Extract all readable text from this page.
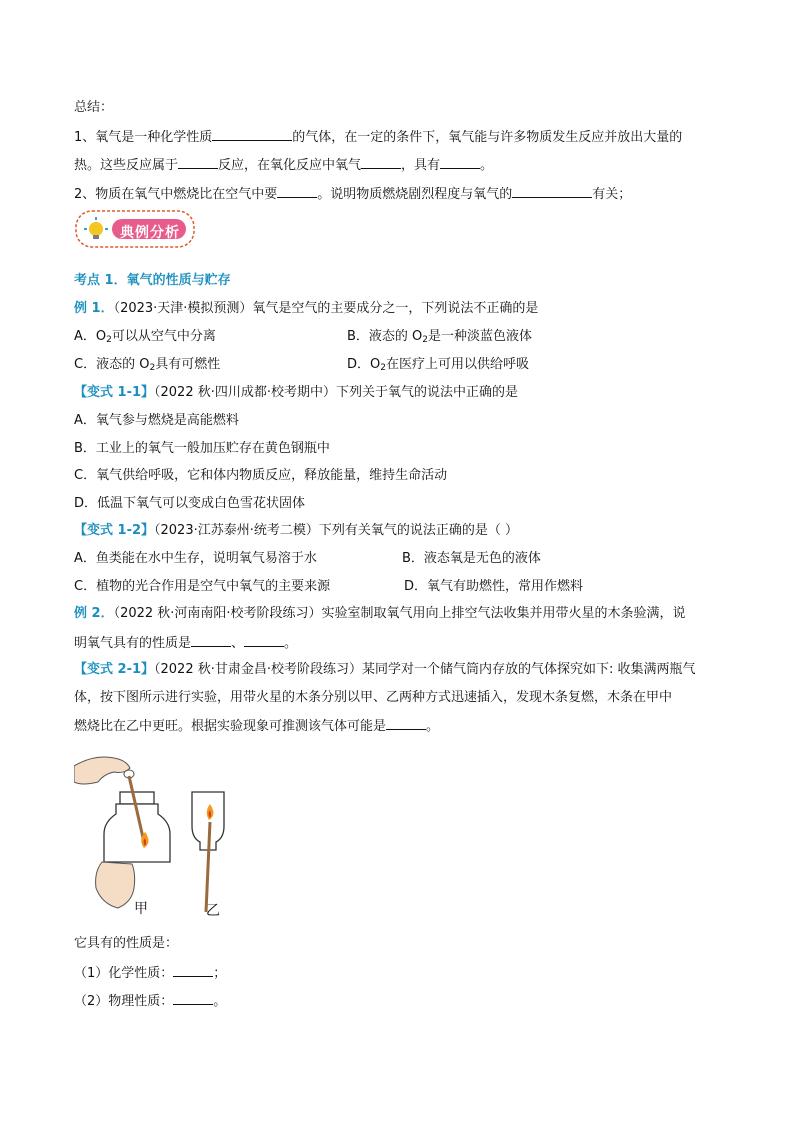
总结：
1、氧气是一种化学性质	的气体，在一定的条件下，氧气能与许多物质发生反应并放出大量的
热。这些反应属于	反应，在氧化反应中氧气	，具有	。
2、物质在氧气中燃烧比在空气中要	。说明物质燃烧剧烈程度与氧气的	有关；
典例分析
考点 1．氧气的性质与贮存
例 1．（2023·天津·模拟预测）氧气是空气的主要成分之一，下列说法不正确的是
A．$O_2$可以从空气中分离	B．液态的 $O_2$是一种淡蓝色液体
C．液态的 $O_2$具有可燃性	D．$O_2$在医疗上可用以供给呼吸
【变式 1-1】（2022 秋·四川成都·校考期中）下列关于氧气的说法中正确的是
A．氧气参与燃烧是高能燃料
B．工业上的氧气一般加压贮存在黄色钢瓶中
C．氧气供给呼吸，它和体内物质反应，释放能量，维持生命活动
D．低温下氧气可以变成白色雪花状固体
【变式 1-2】（2023·江苏泰州·统考二模）下列有关氧气的说法正确的是（ ）
A．鱼类能在水中生存，说明氧气易溶于水	B．液态氧是无色的液体
C．植物的光合作用是空气中氧气的主要来源	D．氧气有助燃性，常用作燃料
例 2．（2022 秋·河南南阳·校考阶段练习）实验室制取氧气用向上排空气法收集并用带火星的木条验满，说
明氧气具有的性质是	、	。
【变式 2-1】（2022 秋·甘肃金昌·校考阶段练习）某同学对一个储气筒内存放的气体探究如下: 收集满两瓶气
体，按下图所示进行实验，用带火星的木条分别以甲、乙两种方式迅速插入，发现木条复燃，木条在甲中
燃烧比在乙中更旺。根据实验现象可推测该气体可能是	。
甲	乙
它具有的性质是：
（1）化学性质：	；
（2）物理性质：	。
